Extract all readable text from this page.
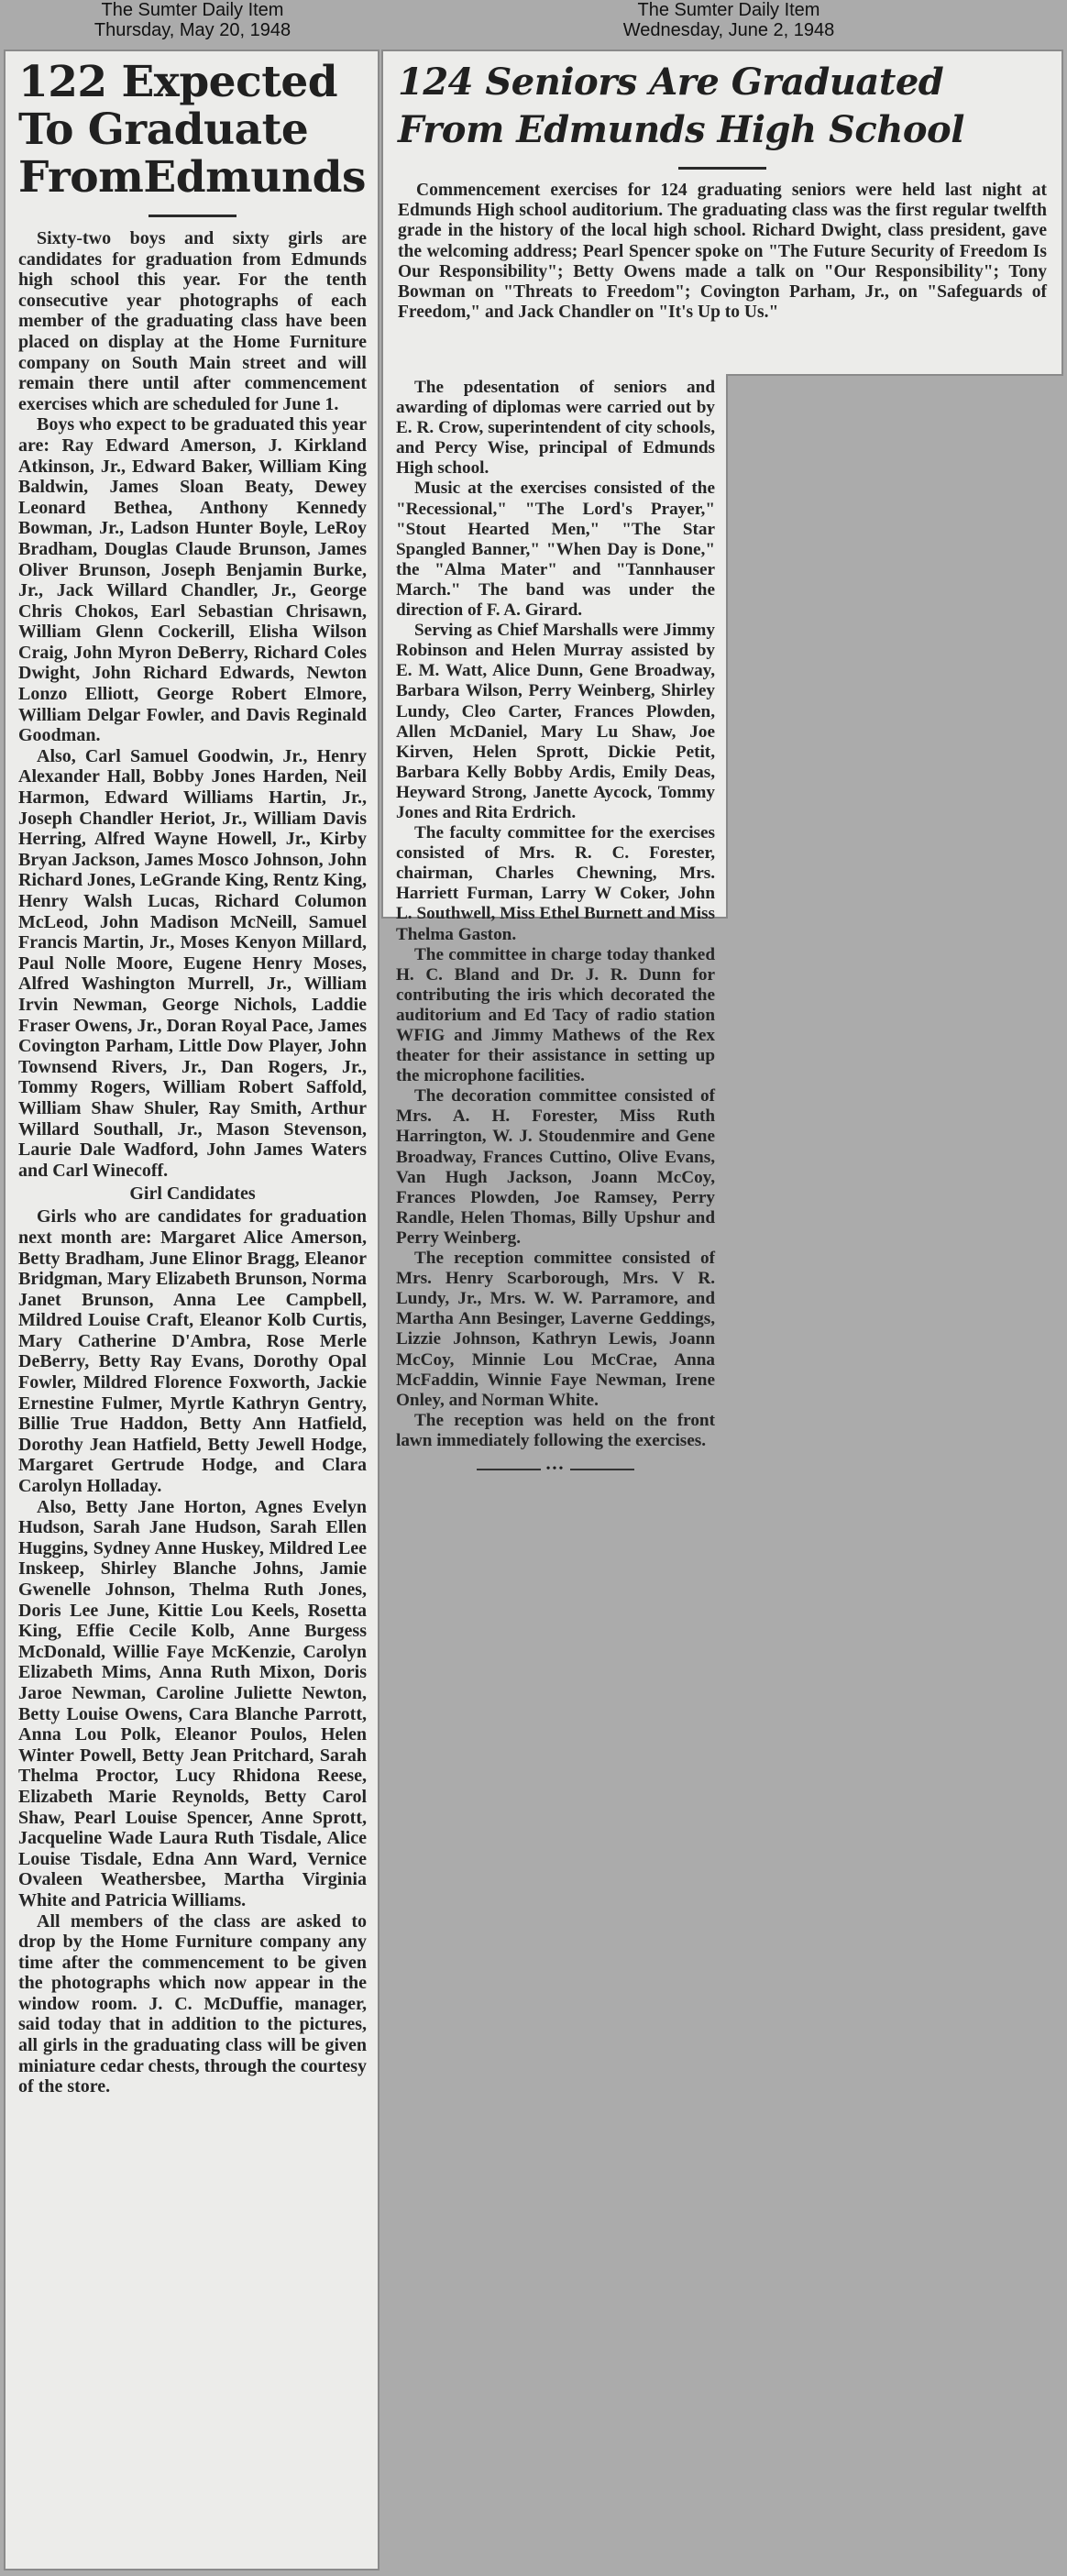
The Sumter Daily Item
Thursday, May 20, 1948
The Sumter Daily Item
Wednesday, June 2, 1948
122 Expected
To Graduate
FromEdmunds

Sixty-two boys and sixty girls are candidates for graduation from Edmunds high school this year. For the tenth consecutive year photographs of each member of the graduating class have been placed on display at the Home Furniture company on South Main street and will remain there until after commencement exercises which are scheduled for June 1.

Boys who expect to be graduated this year are: Ray Edward Amerson, J. Kirkland Atkinson, Jr., Edward Baker, William King Baldwin, James Sloan Beaty, Dewey Leonard Bethea, Anthony Kennedy Bowman, Jr., Ladson Hunter Boyle, LeRoy Bradham, Douglas Claude Brunson, James Oliver Brunson, Joseph Benjamin Burke, Jr., Jack Willard Chandler, Jr., George Chris Chokos, Earl Sebastian Chrisawn, William Glenn Cockerill, Elisha Wilson Craig, John Myron DeBerry, Richard Coles Dwight, John Richard Edwards, Newton Lonzo Elliott, George Robert Elmore, William Delgar Fowler, and Davis Reginald Goodman.

Also, Carl Samuel Goodwin, Jr., Henry Alexander Hall, Bobby Jones Harden, Neil Harmon, Edward Williams Hartin, Jr., Joseph Chandler Heriot, Jr., William Davis Herring, Alfred Wayne Howell, Jr., Kirby Bryan Jackson, James Mosco Johnson, John Richard Jones, LeGrande King, Rentz King, Henry Walsh Lucas, Richard Columon McLeod, John Madison McNeill, Samuel Francis Martin, Jr., Moses Kenyon Millard, Paul Nolle Moore, Eugene Henry Moses, Alfred Washington Murrell, Jr., William Irvin Newman, George Nichols, Laddie Fraser Owens, Jr., Doran Royal Pace, James Covington Parham, Little Dow Player, John Townsend Rivers, Jr., Dan Rogers, Jr., Tommy Rogers, William Robert Saffold, William Shaw Shuler, Ray Smith, Arthur Willard Southall, Jr., Mason Stevenson, Laurie Dale Wadford, John James Waters and Carl Winecoff.

Girl Candidates

Girls who are candidates for graduation next month are: Margaret Alice Amerson, Betty Bradham, June Elinor Bragg, Eleanor Bridgman, Mary Elizabeth Brunson, Norma Janet Brunson, Anna Lee Campbell, Mildred Louise Craft, Eleanor Kolb Curtis, Mary Catherine D'Ambra, Rose Merle DeBerry, Betty Ray Evans, Dorothy Opal Fowler, Mildred Florence Foxworth, Jackie Ernestine Fulmer, Myrtle Kathryn Gentry, Billie True Haddon, Betty Ann Hatfield, Dorothy Jean Hatfield, Betty Jewell Hodge, Margaret Gertrude Hodge, and Clara Carolyn Holladay.

Also, Betty Jane Horton, Agnes Evelyn Hudson, Sarah Jane Hudson, Sarah Ellen Huggins, Sydney Anne Huskey, Mildred Lee Inskeep, Shirley Blanche Johns, Jamie Gwenelle Johnson, Thelma Ruth Jones, Doris Lee June, Kittie Lou Keels, Rosetta King, Effie Cecile Kolb, Anne Burgess McDonald, Willie Faye McKenzie, Carolyn Elizabeth Mims, Anna Ruth Mixon, Doris Jaroe Newman, Caroline Juliette Newton, Betty Louise Owens, Cara Blanche Parrott, Anna Lou Polk, Eleanor Poulos, Helen Winter Powell, Betty Jean Pritchard, Sarah Thelma Proctor, Lucy Rhidona Reese, Elizabeth Marie Reynolds, Betty Carol Shaw, Pearl Louise Spencer, Anne Sprott, Jacqueline Wade Laura Ruth Tisdale, Alice Louise Tisdale, Edna Ann Ward, Vernice Ovaleen Weathersbee, Martha Virginia White and Patricia Williams.

All members of the class are asked to drop by the Home Furniture company any time after the commencement to be given the photographs which now appear in the window room. J. C. McDuffie, manager, said today that in addition to the pictures, all girls in the graduating class will be given miniature cedar chests, through the courtesy of the store.

124 Seniors Are Graduated
From Edmunds High School

Commencement exercises for 124 graduating seniors were held last night at Edmunds High school auditorium. The graduating class was the first regular twelfth grade in the history of the local high school. Richard Dwight, class president, gave the welcoming address; Pearl Spencer spoke on "The Future Security of Freedom Is Our Responsibility"; Betty Owens made a talk on "Our Responsibility"; Tony Bowman on "Threats to Freedom"; Covington Parham, Jr., on "Safeguards of Freedom," and Jack Chandler on "It's Up to Us."

The pdesentation of seniors and awarding of diplomas were carried out by E. R. Crow, superintendent of city schools, and Percy Wise, principal of Edmunds High school.

Music at the exercises consisted of the "Recessional," "The Lord's Prayer," "Stout Hearted Men," "The Star Spangled Banner," "When Day is Done," the "Alma Mater" and "Tannhauser March." The band was under the direction of F. A. Girard.

Serving as Chief Marshalls were Jimmy Robinson and Helen Murray assisted by E. M. Watt, Alice Dunn, Gene Broadway, Barbara Wilson, Perry Weinberg, Shirley Lundy, Cleo Carter, Frances Plowden, Allen McDaniel, Mary Lu Shaw, Joe Kirven, Helen Sprott, Dickie Petit, Barbara Kelly Bobby Ardis, Emily Deas, Heyward Strong, Janette Aycock, Tommy Jones and Rita Erdrich.

The faculty committee for the exercises consisted of Mrs. R. C. Forester, chairman, Charles Chewning, Mrs. Harriett Furman, Larry W Coker, John L. Southwell, Miss Ethel Burnett and Miss Thelma Gaston.

The committee in charge today thanked H. C. Bland and Dr. J. R. Dunn for contributing the iris which decorated the auditorium and Ed Tacy of radio station WFIG and Jimmy Mathews of the Rex theater for their assistance in setting up the microphone facilities.

The decoration committee consisted of Mrs. A. H. Forester, Miss Ruth Harrington, W. J. Stoudenmire and Gene Broadway, Frances Cuttino, Olive Evans, Van Hugh Jackson, Joann McCoy, Frances Plowden, Joe Ramsey, Perry Randle, Helen Thomas, Billy Upshur and Perry Weinberg.

The reception committee consisted of Mrs. Henry Scarborough, Mrs. V R. Lundy, Jr., Mrs. W. W. Parramore, and Martha Ann Besinger, Laverne Geddings, Lizzie Johnson, Kathryn Lewis, Joann McCoy, Minnie Lou McCrae, Anna McFaddin, Winnie Faye Newman, Irene Onley, and Norman White.

The reception was held on the front lawn immediately following the exercises.

•••
